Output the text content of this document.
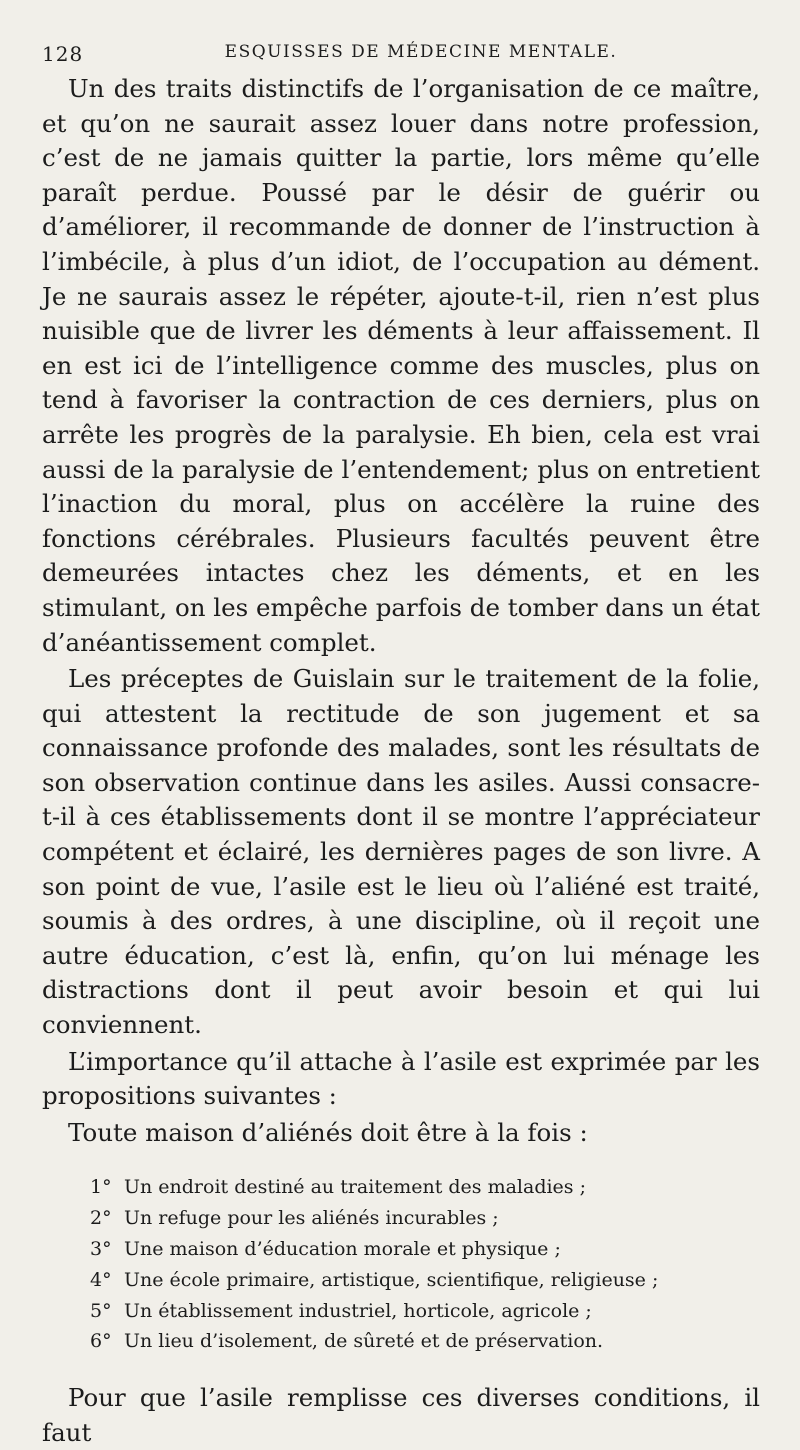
128	ESQUISSES DE MÉDECINE MENTALE.

Un des traits distinctifs de l’organisation de ce maître, et qu’on ne saurait assez louer dans notre profession, c’est de ne jamais quitter la partie, lors même qu’elle paraît perdue. Poussé par le désir de guérir ou d’améliorer, il recommande de donner de l’instruction à l’imbécile, à plus d’un idiot, de l’occupation au dément. Je ne saurais assez le répéter, ajoute-t-il, rien n’est plus nuisible que de livrer les déments à leur affaissement. Il en est ici de l’intelligence comme des muscles, plus on tend à favoriser la contraction de ces derniers, plus on arrête les progrès de la paralysie. Eh bien, cela est vrai aussi de la paralysie de l’entendement; plus on entretient l’inaction du moral, plus on accélère la ruine des fonctions cérébrales. Plusieurs facultés peuvent être demeurées intactes chez les déments, et en les stimulant, on les empêche parfois de tomber dans un état d’anéantissement complet.

Les préceptes de Guislain sur le traitement de la folie, qui attestent la rectitude de son jugement et sa connaissance profonde des malades, sont les résultats de son observation continue dans les asiles. Aussi consacre-t-il à ces établissements dont il se montre l’appréciateur compétent et éclairé, les dernières pages de son livre. A son point de vue, l’asile est le lieu où l’aliéné est traité, soumis à des ordres, à une discipline, où il reçoit une autre éducation, c’est là, enfin, qu’on lui ménage les distractions dont il peut avoir besoin et qui lui conviennent.

L’importance qu’il attache à l’asile est exprimée par les propositions suivantes :

Toute maison d’aliénés doit être à la fois :

1° Un endroit destiné au traitement des maladies ;
2° Un refuge pour les aliénés incurables ;
3° Une maison d’éducation morale et physique ;
4° Une école primaire, artistique, scientifique, religieuse ;
5° Un établissement industriel, horticole, agricole ;
6° Un lieu d’isolement, de sûreté et de préservation.

Pour que l’asile remplisse ces diverses conditions, il faut
